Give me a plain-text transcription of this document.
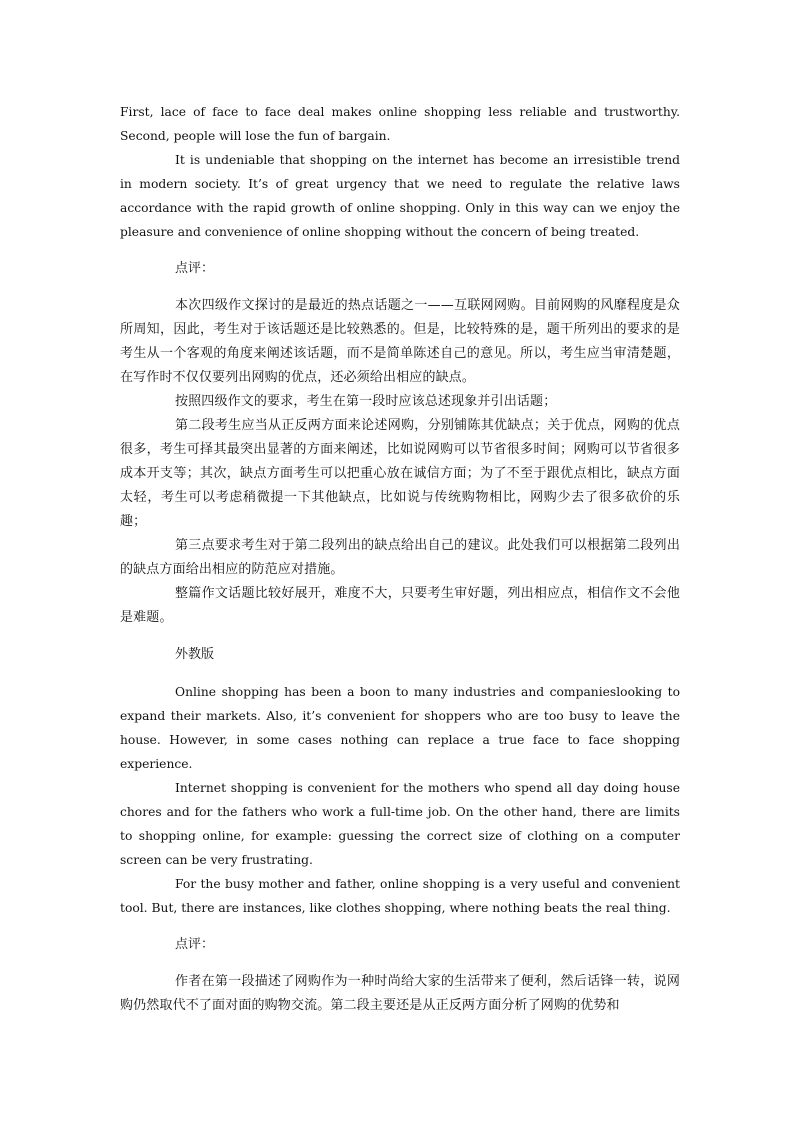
First, lace of face to face deal makes online shopping less reliable and trustworthy. Second, people will lose the fun of bargain.

It is undeniable that shopping on the internet has become an irresistible trend in modern society. It’s of great urgency that we need to regulate the relative laws accordance with the rapid growth of online shopping. Only in this way can we enjoy the pleasure and convenience of online shopping without the concern of being treated.

点评：

本次四级作文探讨的是最近的热点话题之一——互联网网购。目前网购的风靡程度是众所周知，因此，考生对于该话题还是比较熟悉的。但是，比较特殊的是，题干所列出的要求的是考生从一个客观的角度来阐述该话题，而不是简单陈述自己的意见。所以，考生应当审清楚题，在写作时不仅仅要列出网购的优点，还必须给出相应的缺点。

按照四级作文的要求，考生在第一段时应该总述现象并引出话题；

第二段考生应当从正反两方面来论述网购，分别铺陈其优缺点；关于优点，网购的优点很多，考生可择其最突出显著的方面来阐述，比如说网购可以节省很多时间；网购可以节省很多成本开支等；其次，缺点方面考生可以把重心放在诚信方面；为了不至于跟优点相比，缺点方面太轻，考生可以考虑稍微提一下其他缺点，比如说与传统购物相比，网购少去了很多砍价的乐趣；

第三点要求考生对于第二段列出的缺点给出自己的建议。此处我们可以根据第二段列出的缺点方面给出相应的防范应对措施。

整篇作文话题比较好展开，难度不大，只要考生审好题，列出相应点，相信作文不会他是难题。

外教版

Online shopping has been a boon to many industries and companieslooking to expand their markets. Also, it’s convenient for shoppers who are too busy to leave the house. However, in some cases nothing can replace a true face to face shopping experience.

Internet shopping is convenient for the mothers who spend all day doing house chores and for the fathers who work a full-time job. On the other hand, there are limits to shopping online, for example: guessing the correct size of clothing on a computer screen can be very frustrating.

For the busy mother and father, online shopping is a very useful and convenient tool. But, there are instances, like clothes shopping, where nothing beats the real thing.

点评：

作者在第一段描述了网购作为一种时尚给大家的生活带来了便利，然后话锋一转，说网购仍然取代不了面对面的购物交流。第二段主要还是从正反两方面分析了网购的优势和
